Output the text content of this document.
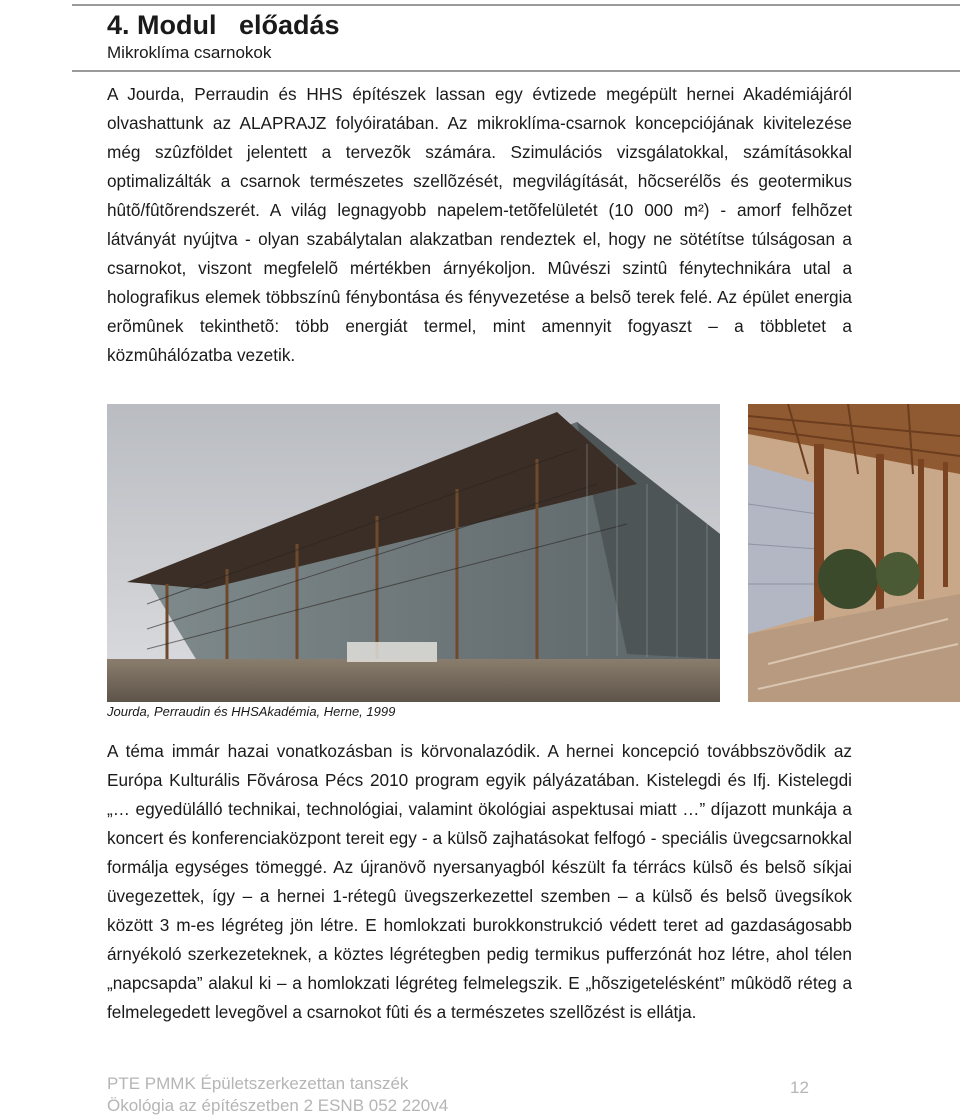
4. Modul   előadás
Mikroklíma csarnokok

A Jourda, Perraudin és HHS építészek lassan egy évtizede megépült hernei Akadémiájáról olvashattunk az ALAPRAJZ folyóiratában. Az mikroklíma-csarnok koncepciójának kivitelezése még szûzföldet jelentett a tervezõk számára. Szimulációs vizsgálatokkal, számításokkal optimalizálták a csarnok természetes szellõzését, megvilágítását, hõcserélõs és geotermikus hûtõ/fûtõrendszerét. A világ legnagyobb napelem-tetõfelületét (10 000 m²) - amorf felhõzet látványát nyújtva - olyan szabálytalan alakzatban rendeztek el, hogy ne sötétítse túlságosan a csarnokot, viszont megfelelõ mértékben árnyékoljon. Mûvészi szintû fénytechnikára utal a holografikus elemek többszínû fénybontása és fényvezetése a belsõ terek felé. Az épület energia erõmûnek tekinthetõ: több energiát termel, mint amennyit fogyaszt – a többletet a közmûhálózatba vezetik.

Jourda, Perraudin és HHSAkadémia, Herne, 1999

A téma immár hazai vonatkozásban is körvonalazódik. A hernei koncepció továbbszövõdik az Európa Kulturális Fõvárosa Pécs 2010 program egyik pályázatában. Kistelegdi és Ifj. Kistelegdi „… egyedülálló technikai, technológiai, valamint ökológiai aspektusai miatt …” díjazott munkája a koncert és konferenciaközpont tereit egy - a külsõ zajhatásokat felfogó - speciális üvegcsarnokkal formálja egységes tömeggé. Az újranövõ nyersanyagból készült fa térrács külsõ és belsõ síkjai üvegezettek, így – a hernei 1-rétegû üvegszerkezettel szemben – a külsõ és belsõ üvegsíkok között 3 m-es légréteg jön létre. E homlokzati burokkonstrukció védett teret ad gazdaságosabb árnyékoló szerkezeteknek, a köztes légrétegben pedig termikus pufferzónát hoz létre, ahol télen „napcsapda” alakul ki – a homlokzati légréteg felmelegszik. E „hõszigetelésként” mûködõ réteg a felmelegedett levegõvel a csarnokot fûti és a természetes szellõzést is ellátja.

PTE PMMK Épületszerkezettan tanszék
Ökológia az építészetben 2 ESNB 052 220v4
12
